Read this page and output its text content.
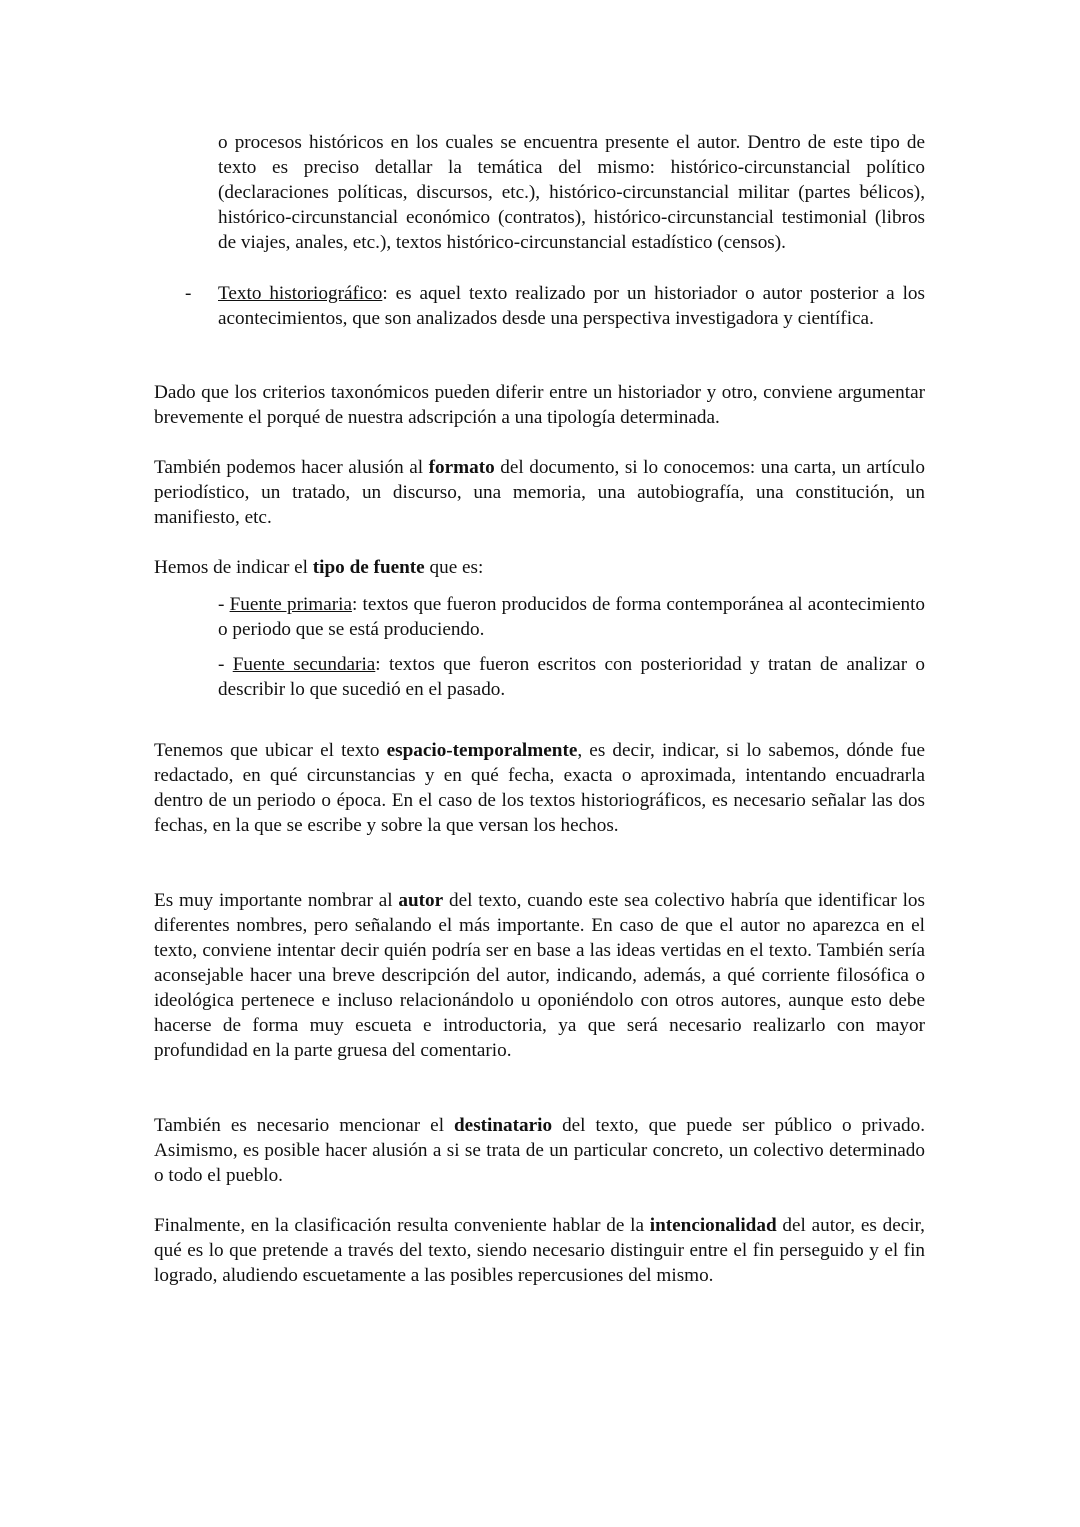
o procesos históricos en los cuales se encuentra presente el autor. Dentro de este tipo de texto es preciso detallar la temática del mismo: histórico-circunstancial político (declaraciones políticas, discursos, etc.), histórico-circunstancial militar (partes bélicos), histórico-circunstancial económico (contratos), histórico-circunstancial testimonial (libros de viajes, anales, etc.), textos histórico-circunstancial estadístico (censos).

- Texto historiográfico: es aquel texto realizado por un historiador o autor posterior a los acontecimientos, que son analizados desde una perspectiva investigadora y científica.

Dado que los criterios taxonómicos pueden diferir entre un historiador y otro, conviene argumentar brevemente el porqué de nuestra adscripción a una tipología determinada.

También podemos hacer alusión al formato del documento, si lo conocemos: una carta, un artículo periodístico, un tratado, un discurso, una memoria, una autobiografía, una constitución, un manifiesto, etc.

Hemos de indicar el tipo de fuente que es:

- Fuente primaria: textos que fueron producidos de forma contemporánea al acontecimiento o periodo que se está produciendo.

- Fuente secundaria: textos que fueron escritos con posterioridad y tratan de analizar o describir lo que sucedió en el pasado.

Tenemos que ubicar el texto espacio-temporalmente, es decir, indicar, si lo sabemos, dónde fue redactado, en qué circunstancias y en qué fecha, exacta o aproximada, intentando encuadrarla dentro de un periodo o época. En el caso de los textos historiográficos, es necesario señalar las dos fechas, en la que se escribe y sobre la que versan los hechos.

Es muy importante nombrar al autor del texto, cuando este sea colectivo habría que identificar los diferentes nombres, pero señalando el más importante. En caso de que el autor no aparezca en el texto, conviene intentar decir quién podría ser en base a las ideas vertidas en el texto. También sería aconsejable hacer una breve descripción del autor, indicando, además, a qué corriente filosófica o ideológica pertenece e incluso relacionándolo u oponiéndolo con otros autores, aunque esto debe hacerse de forma muy escueta e introductoria, ya que será necesario realizarlo con mayor profundidad en la parte gruesa del comentario.

También es necesario mencionar el destinatario del texto, que puede ser público o privado. Asimismo, es posible hacer alusión a si se trata de un particular concreto, un colectivo determinado o todo el pueblo.

Finalmente, en la clasificación resulta conveniente hablar de la intencionalidad del autor, es decir, qué es lo que pretende a través del texto, siendo necesario distinguir entre el fin perseguido y el fin logrado, aludiendo escuetamente a las posibles repercusiones del mismo.
